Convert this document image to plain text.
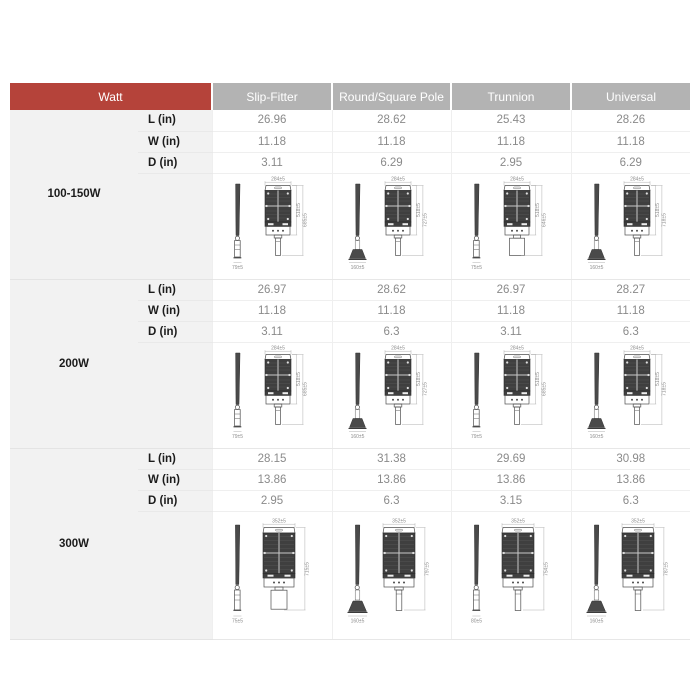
Watt		Slip-Fitter	Round/Square Pole	Trunnion	Universal
100-150W	L (in)	26.96	28.62	25.43	28.26
	W (in)	11.18	11.18	11.18	11.18
	D (in)	3.11	6.29	2.95	6.29

79±5
284±5
518±5
685±5	160±5
284±5
518±5
727±5	75±5
284±5
518±5
646±5	160±5
284±5
518±5
718±5

200W	L (in)	26.97	28.62	26.97	28.27
	W (in)	11.18	11.18	11.18	11.18
	D (in)	3.11	6.3	3.11	6.3

79±5
284±5
518±5
685±5	160±5
284±5
518±5
727±5	79±5
284±5
518±5
685±5	160±5
284±5
518±5
718±5

300W	L (in)	28.15	31.38	29.69	30.98
	W (in)	13.86	13.86	13.86	13.86
	D (in)	2.95	6.3	3.15	6.3

75±5
352±5
715±5	160±5
352±5
797±5	80±5
352±5
754±5	160±5
352±5
787±5
